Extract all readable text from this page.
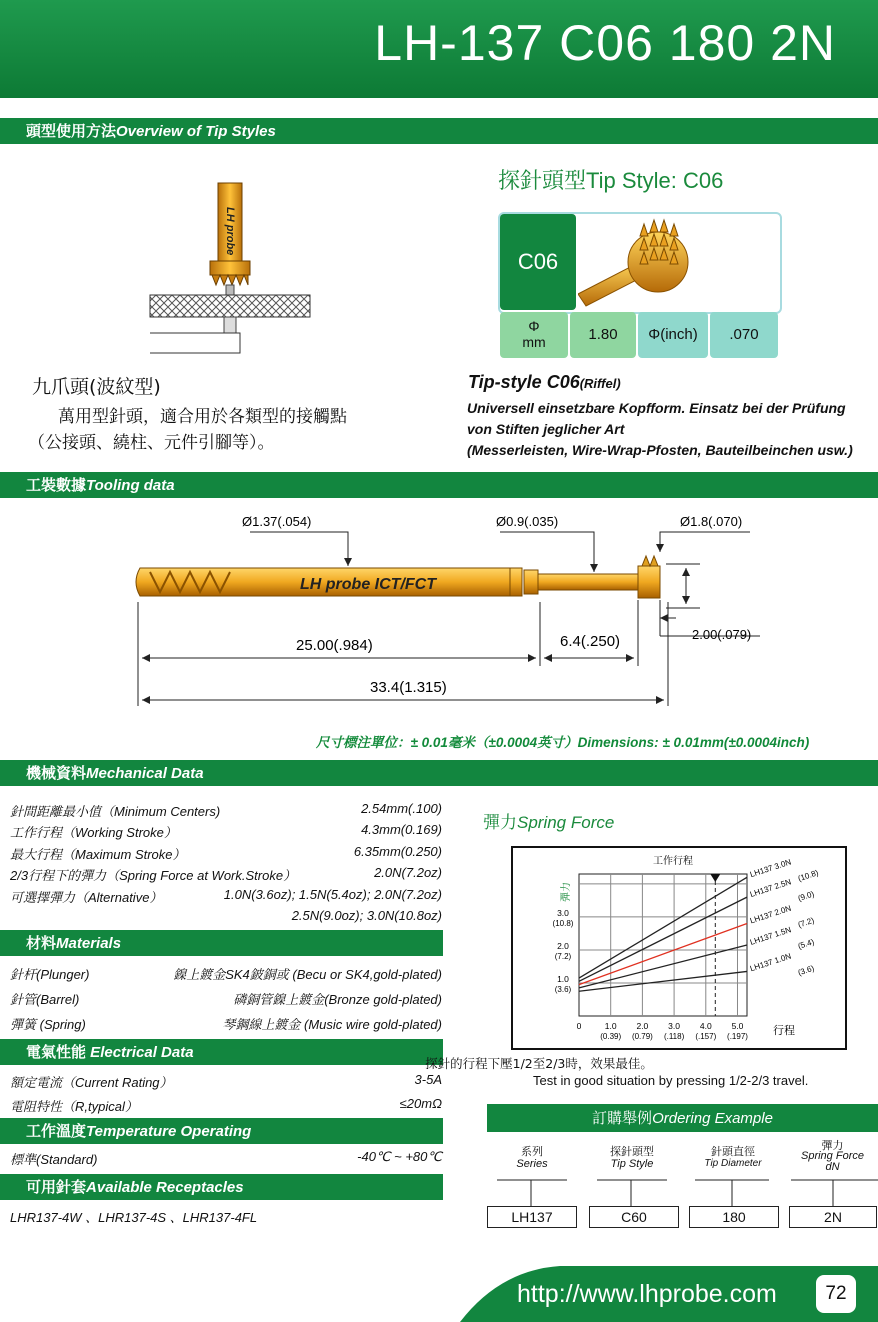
LH-137 C06 180 2N
頭型使用方法Overview of Tip Styles
LH probe
探針頭型Tip Style: C06
C06
Φ
mm	1.80	Φ(inch)	.070
九爪頭(波紋型)
萬用型針頭，適合用於各類型的接觸點
（公接頭、繞柱、元件引腳等）。
Tip-style C06(Riffel)
Universell einsetzbare Kopfform. Einsatz bei der Prüfung
von Stiften jeglicher Art
(Messerleisten, Wire-Wrap-Pfosten, Bauteilbeinchen usw.)
工裝數據Tooling data
LH probe ICT/FCT
Ø1.37(.054)	Ø0.9(.035)	Ø1.8(.070)
2.00(.079)
25.00(.984)	6.4(.250)
33.4(1.315)
尺寸標注單位：± 0.01毫米（±0.0004英寸）Dimensions: ± 0.01mm(±0.0004inch)
機械資料Mechanical Data
針間距離最小值（Minimum Centers)	2.54mm(.100)
工作行程（Working Stroke）	4.3mm(0.169)
最大行程（Maximum Stroke）	6.35mm(0.250)
2/3行程下的彈力（Spring Force at Work.Stroke）	2.0N(7.2oz)
可選擇彈力（Alternative）	1.0N(3.6oz); 1.5N(5.4oz); 2.0N(7.2oz)
2.5N(9.0oz); 3.0N(10.8oz)
材料Materials
針杆(Plunger)	鎳上鍍金SK4鈹銅或 (Becu or SK4,gold-plated)
針管(Barrel)	磷銅管鎳上鍍金(Bronze gold-plated)
彈簧 (Spring)	琴鋼線上鍍金 (Music wire gold-plated)
電氣性能 Electrical Data
額定電流（Current Rating）	3-5A
電阻特性（R,typical）	≤20mΩ
工作溫度Temperature Operating
標準(Standard)	-40℃ ~ +80℃
可用針套Available Receptacles
LHR137-4W 、LHR137-4S 、LHR137-4FL
彈力Spring Force
工作行程
彈力
行程
0	1.0
(0.39)
2.0
(0.79)
3.0
(.118)
4.0
(.157)
5.0
(.197)
1.0
(3.6)
2.0
(7.2)
3.0
(10.8)
LH137 3.0N (10.8)
LH137 2.5N (9.0)
LH137 2.0N (7.2)
LH137 1.5N (5.4)
LH137 1.0N (3.6)
探針的行程下壓1/2至2/3時，效果最佳。
Test in good situation by pressing 1/2-2/3 travel.
訂購舉例Ordering Example
系列
Series
探針頭型
Tip Style
針頭直徑
Tip Diameter
彈力
Spring Force
dN
LH137	C60	180	2N
http://www.lhprobe.com	72
